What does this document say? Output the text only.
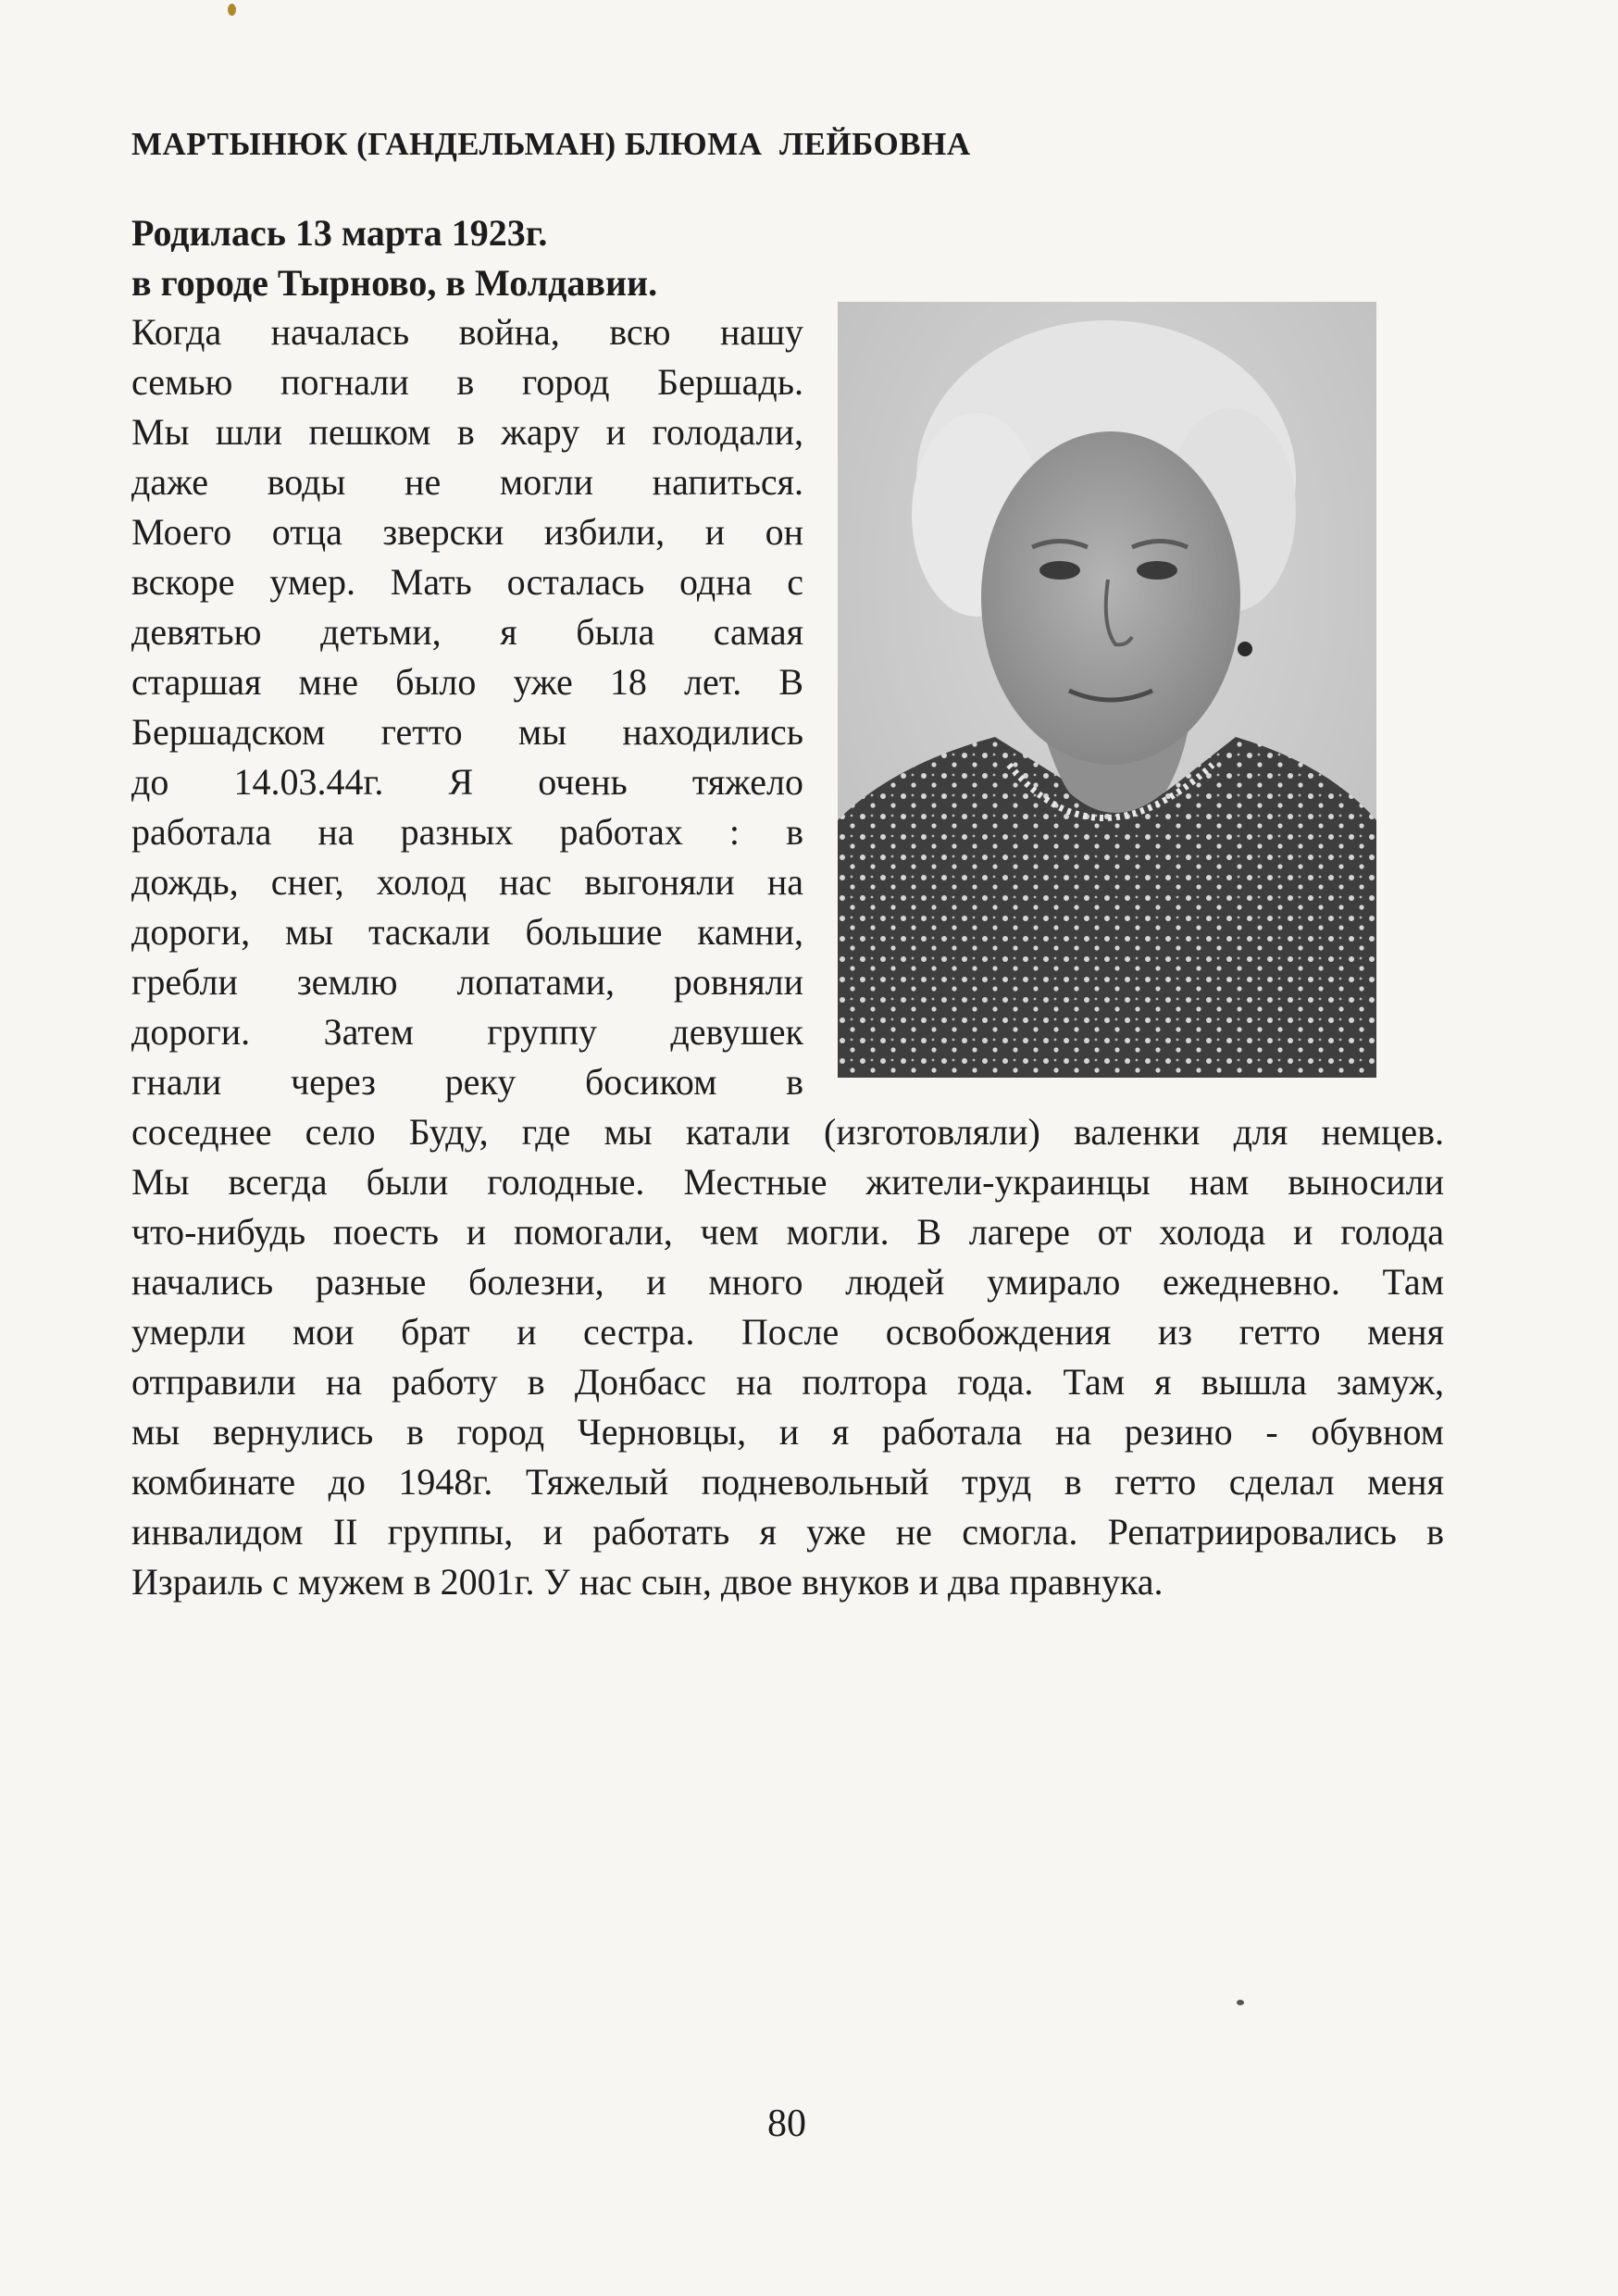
МАРТЫНЮК (ГАНДЕЛЬМАН) БЛЮМА  ЛЕЙБОВНА
Родилась 13 марта 1923г.
в городе Тырново, в Молдавии.
Когда началась война, всю нашу
семью погнали в город Бершадь.
Мы шли пешком в жару и голодали,
даже воды не могли напиться.
Моего отца зверски избили, и он
вскоре умер. Мать осталась одна с
девятью детьми, я была самая
старшая мне было уже 18 лет. В
Бершадском гетто мы находились
до 14.03.44г. Я очень тяжело
работала на разных работах : в
дождь, снег, холод нас выгоняли на
дороги, мы таскали большие камни,
гребли землю лопатами, ровняли
дороги. Затем группу девушек
гнали через реку босиком в
соседнее село Буду, где мы катали (изготовляли) валенки для немцев.
Мы всегда были голодные. Местные жители-украинцы нам выносили
что-нибудь поесть и помогали, чем могли. В лагере от холода и голода
начались разные болезни, и много людей умирало ежедневно. Там
умерли мои брат и сестра. После освобождения из гетто меня
отправили на работу в Донбасс на полтора года. Там я вышла замуж,
мы вернулись в город Черновцы, и я работала на резино - обувном
комбинате до 1948г. Тяжелый подневольный труд в гетто сделал меня
инвалидом II группы, и работать я уже не смогла. Репатриировались в
Израиль с мужем в 2001г. У нас сын, двое внуков и два правнука.
80
